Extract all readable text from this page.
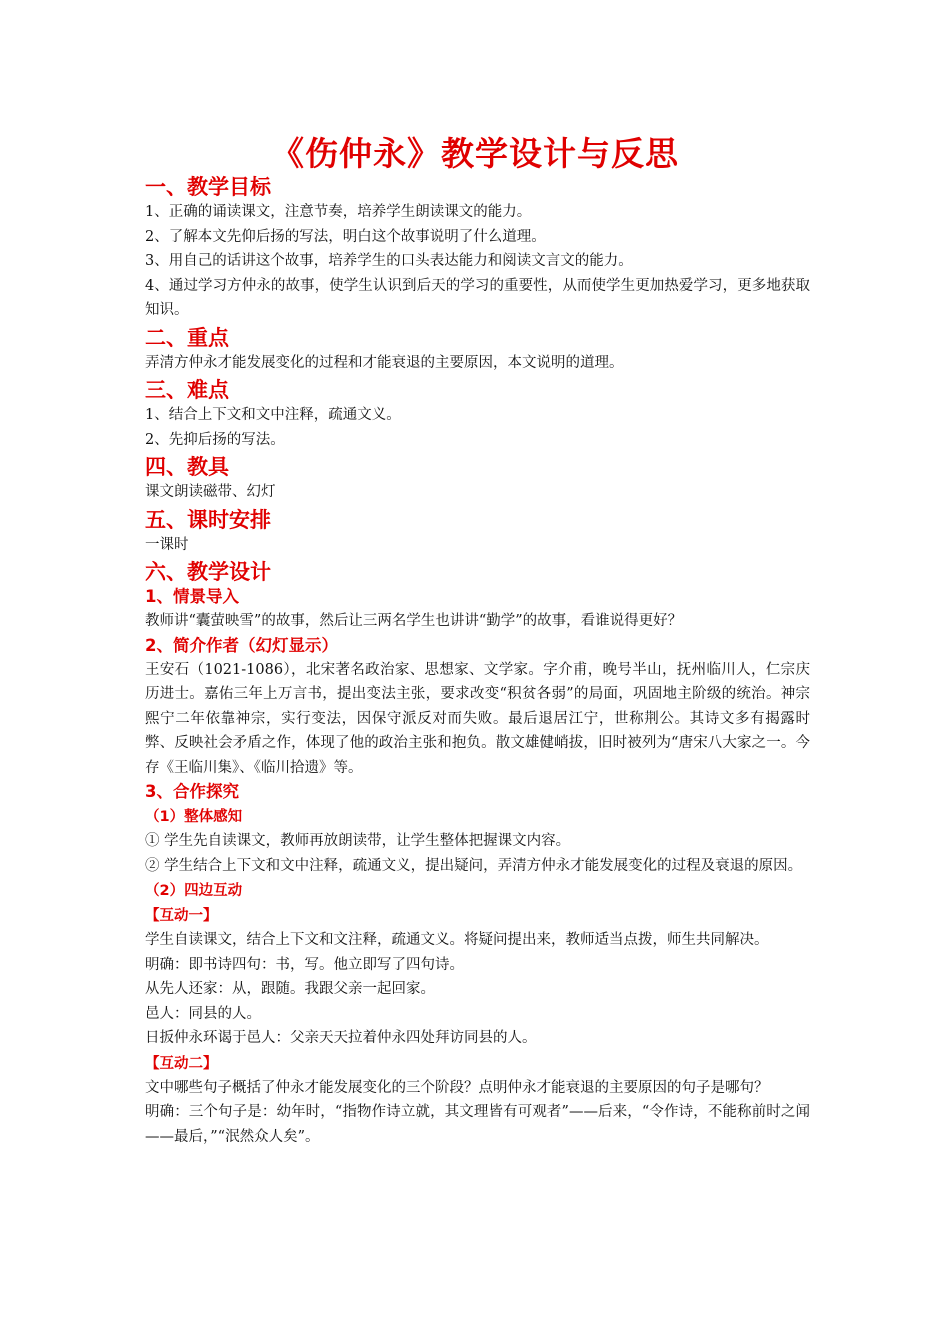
《伤仲永》教学设计与反思
一、教学目标

1、正确的诵读课文，注意节奏，培养学生朗读课文的能力。

2、了解本文先仰后扬的写法，明白这个故事说明了什么道理。

3、用自己的话讲这个故事，培养学生的口头表达能力和阅读文言文的能力。

4、通过学习方仲永的故事，使学生认识到后天的学习的重要性，从而使学生更加热爱学习，更多地获取知识。

二、重点

弄清方仲永才能发展变化的过程和才能衰退的主要原因，本文说明的道理。

三、难点

1、结合上下文和文中注释，疏通文义。

2、先抑后扬的写法。

四、教具

课文朗读磁带、幻灯

五、课时安排

一课时

六、教学设计
1、情景导入

教师讲“囊萤映雪”的故事，然后让三两名学生也讲讲“勤学”的故事，看谁说得更好？

2、简介作者（幻灯显示）

王安石（1021-1086），北宋著名政治家、思想家、文学家。字介甫，晚号半山，抚州临川人，仁宗庆历进士。嘉佑三年上万言书，提出变法主张，要求改变“积贫各弱”的局面，巩固地主阶级的统治。神宗熙宁二年依靠神宗，实行变法，因保守派反对而失败。最后退居江宁，世称荆公。其诗文多有揭露时弊、反映社会矛盾之作，体现了他的政治主张和抱负。散文雄健峭拔，旧时被列为“唐宋八大家之一。今存《王临川集》、《临川拾遗》等。

3、合作探究
（1）整体感知

① 学生先自读课文，教师再放朗读带，让学生整体把握课文内容。

② 学生结合上下文和文中注释，疏通文义，提出疑问，弄清方仲永才能发展变化的过程及衰退的原因。

（2）四边互动
【互动一】

学生自读课文，结合上下文和文注释，疏通文义。将疑问提出来，教师适当点拨，师生共同解决。

明确：即书诗四句：书，写。他立即写了四句诗。

从先人还家：从，跟随。我跟父亲一起回家。

邑人：同县的人。

日扳仲永环谒于邑人：父亲天天拉着仲永四处拜访同县的人。

【互动二】

文中哪些句子概括了仲永才能发展变化的三个阶段？点明仲永才能衰退的主要原因的句子是哪句？

明确：三个句子是：幼年时，“指物作诗立就，其文理皆有可观者”——后来，“令作诗，不能称前时之闻——最后，”“泯然众人矣”。
